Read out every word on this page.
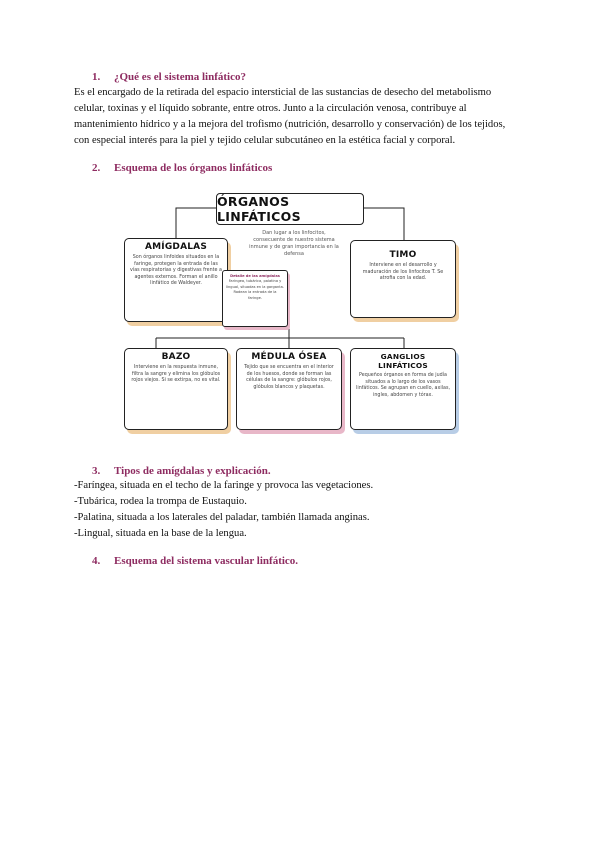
1. ¿Qué es el sistema linfático?
Es el encargado de la retirada del espacio intersticial de las sustancias de desecho del metabolismo
celular, toxinas y el líquido sobrante, entre otros. Junto a la circulación venosa, contribuye al
mantenimiento hídrico y a la mejora del trofismo (nutrición, desarrollo y conservación) de los tejidos,
con especial interés para la piel y tejido celular subcutáneo en la estética facial y corporal.
2. Esquema de los órganos linfáticos
ÓRGANOS LINFÁTICOS
Dan lugar a los linfocitos, consecuente de nuestro sistema inmune y de gran importancia en la defensa
AMÍGDALAS
Son órganos linfoides situados en la faringe, protegen la entrada de las vías respiratorias y digestivas frente a agentes externos. Forman el anillo linfático de Waldeyer.
TIMO
Interviene en el desarrollo y maduración de los linfocitos T. Se atrofia con la edad.
Detalle de las amígdalas
Faríngea, tubárica, palatina y lingual, situadas en la garganta. Rodean la entrada de la faringe.
BAZO
Interviene en la respuesta inmune, filtra la sangre y elimina los glóbulos rojos viejos. Si se extirpa, no es vital.
MÉDULA ÓSEA
Tejido que se encuentra en el interior de los huesos, donde se forman las células de la sangre: glóbulos rojos, glóbulos blancos y plaquetas.
GANGLIOS LINFÁTICOS
Pequeños órganos en forma de judía situados a lo largo de los vasos linfáticos. Se agrupan en cuello, axilas, ingles, abdomen y tórax.
3. Tipos de amígdalas y explicación.
-Faríngea, situada en el techo de la faringe y provoca las vegetaciones.
-Tubárica, rodea la trompa de Eustaquio.
-Palatina, situada a los laterales del paladar, también llamada anginas.
-Lingual, situada en la base de la lengua.
4. Esquema del sistema vascular linfático.
